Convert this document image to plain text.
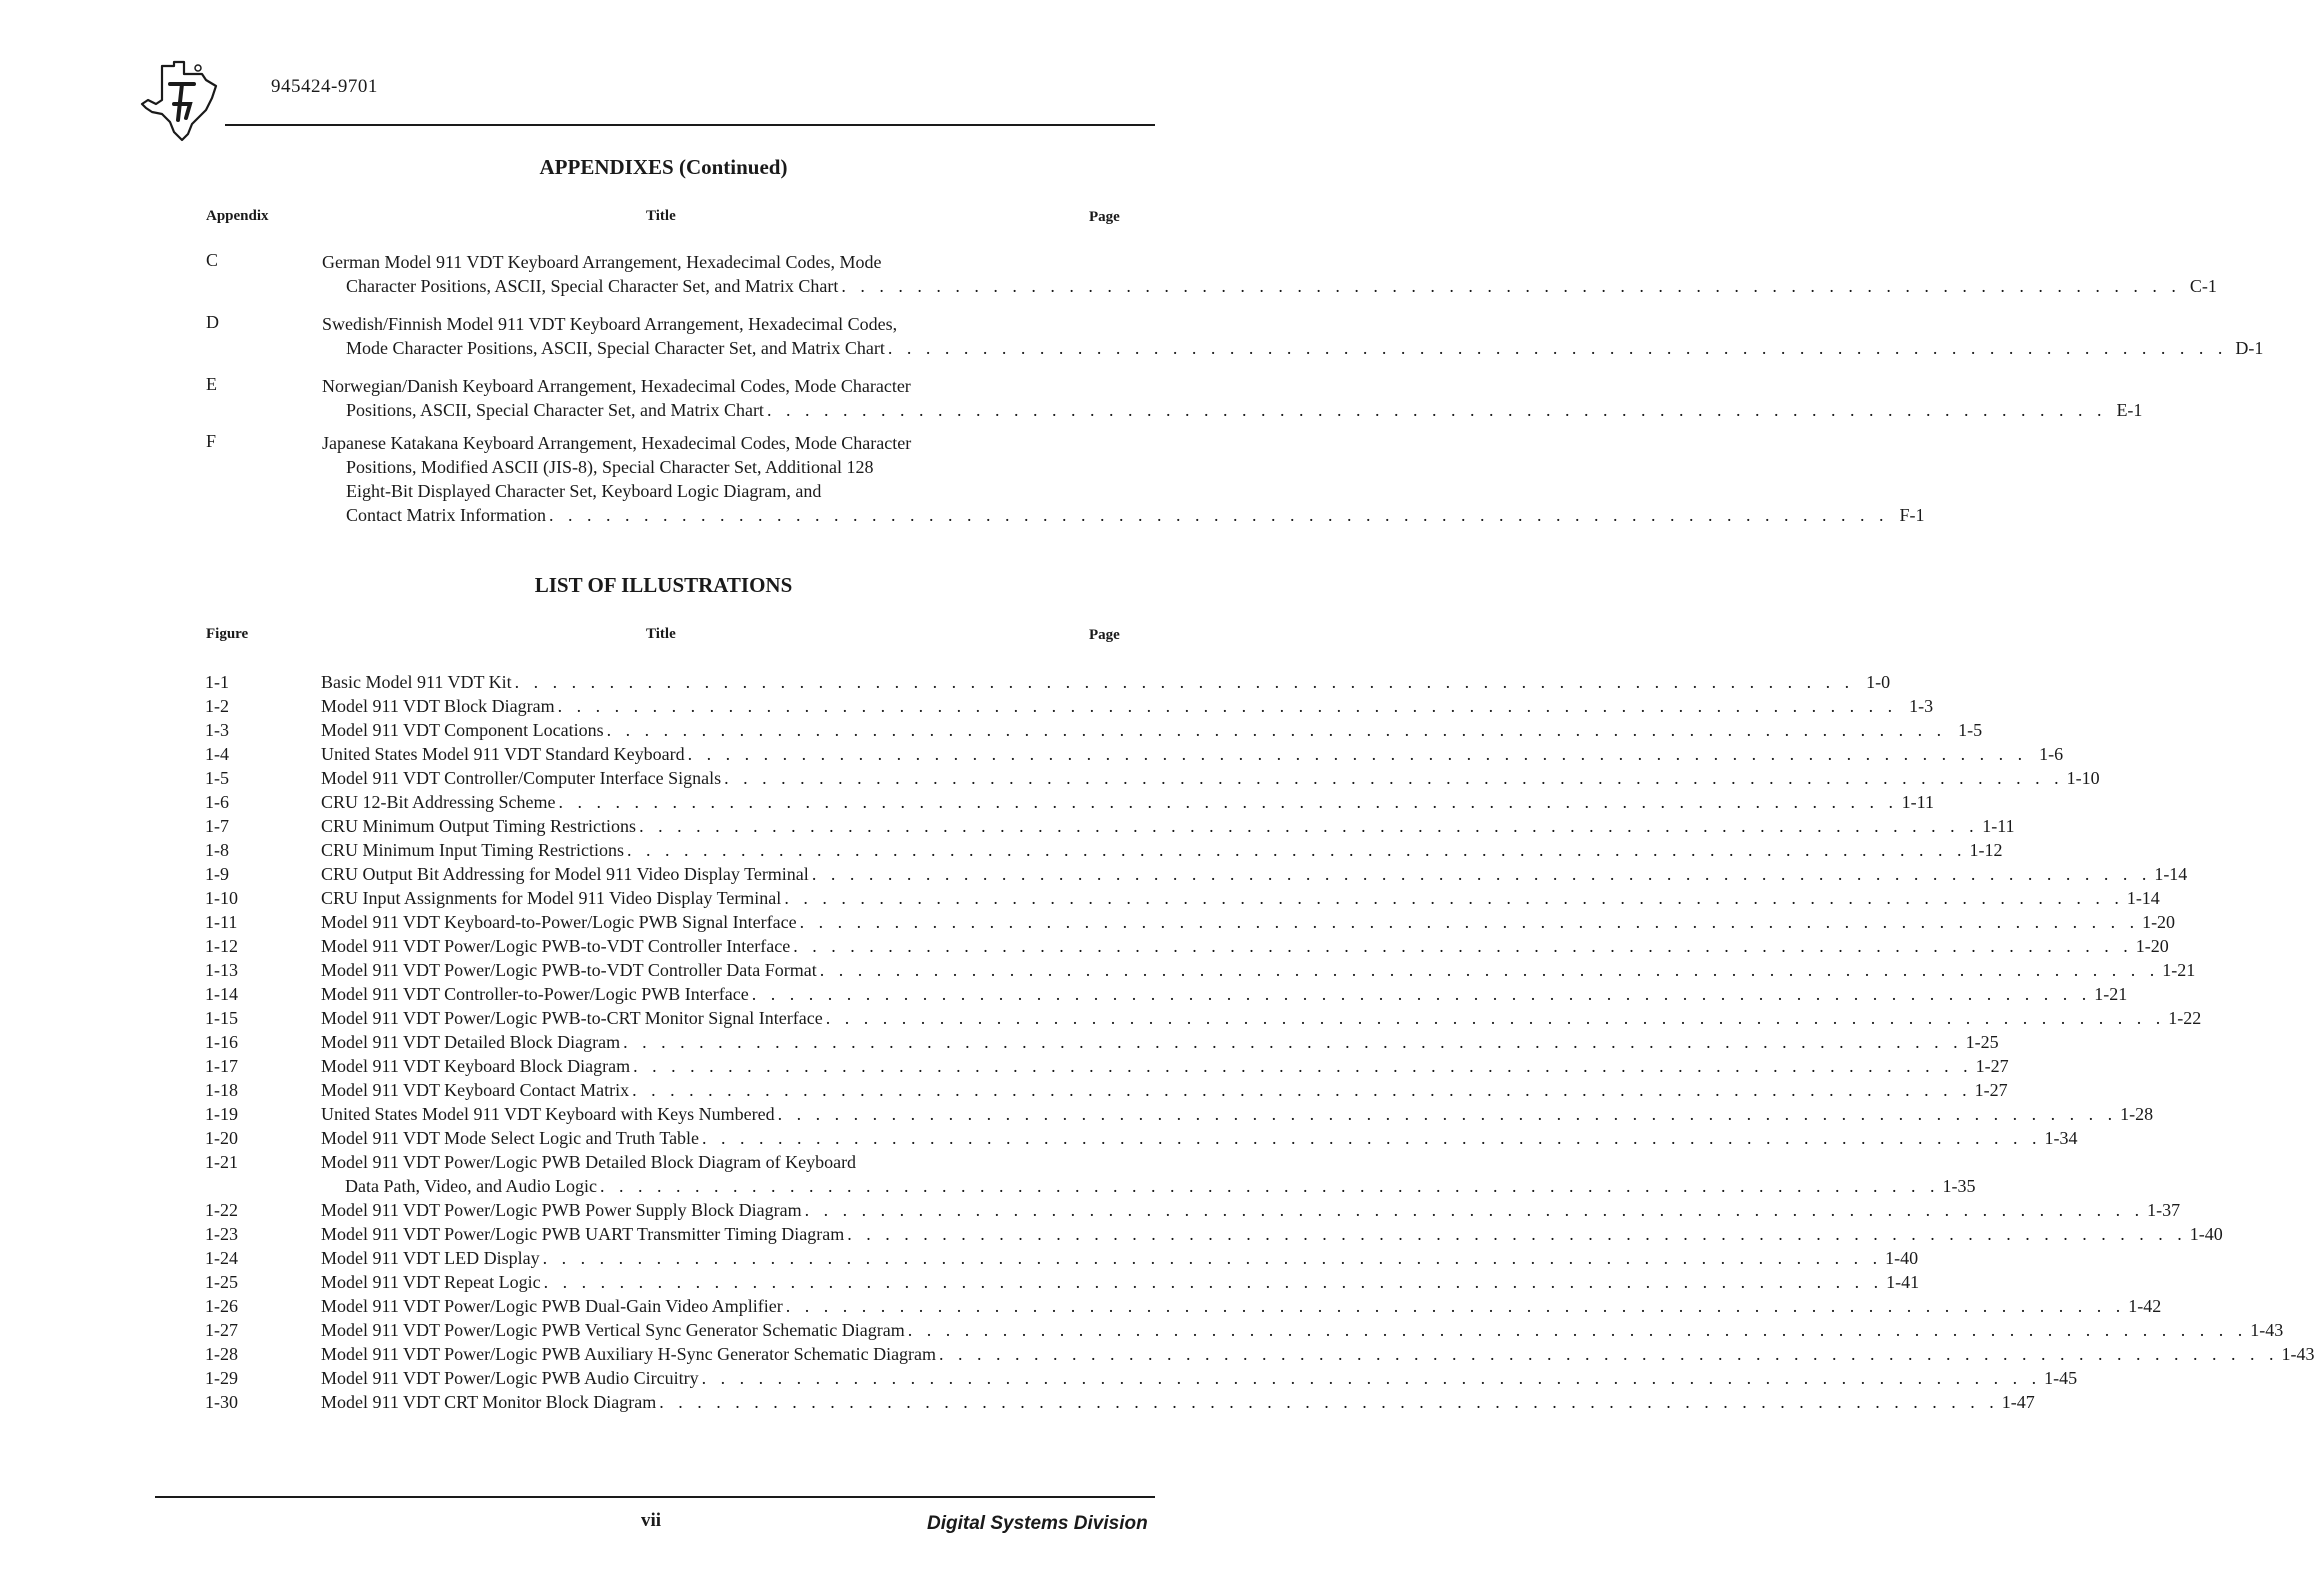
945424-9701
APPENDIXES (Continued)
Appendix	Title	Page
C	German Model 911 VDT Keyboard Arrangement, Hexadecimal Codes, Mode
Character Positions, ASCII, Special Character Set, and Matrix Chart . . . . . . . . . . . . . . . . . . . . . . . . . . . . . . . . . . . . . . . . . . . . . . . . . . . . . . . . . . . . . . . . . . . . . . . C-1
D	Swedish/Finnish Model 911 VDT Keyboard Arrangement, Hexadecimal Codes,
Mode Character Positions, ASCII, Special Character Set, and Matrix Chart . . . . . . . . . . . . . . . . . . . . . . . . . . . . . . . . . . . . . . . . . . . . . . . . . . . . . . . . . . . . . . . . . . . . . . . D-1
E	Norwegian/Danish Keyboard Arrangement, Hexadecimal Codes, Mode Character
Positions, ASCII, Special Character Set, and Matrix Chart . . . . . . . . . . . . . . . . . . . . . . . . . . . . . . . . . . . . . . . . . . . . . . . . . . . . . . . . . . . . . . . . . . . . . . . E-1
F	Japanese Katakana Keyboard Arrangement, Hexadecimal Codes, Mode Character
Positions, Modified ASCII (JIS-8), Special Character Set, Additional 128
Eight-Bit Displayed Character Set, Keyboard Logic Diagram, and
Contact Matrix Information . . . . . . . . . . . . . . . . . . . . . . . . . . . . . . . . . . . . . . . . . . . . . . . . . . . . . . . . . . . . . . . . . . . . . . . F-1
LIST OF ILLUSTRATIONS
Figure	Title	Page
1-1	Basic Model 911 VDT Kit . . . . . . . . . . . . . . . . . . . . . . . . . . . . . . . . . . . . . . . . . . . . . . . . . . . . . . . . . . . . . . . . . . . . . . . 1-0
1-2	Model 911 VDT Block Diagram . . . . . . . . . . . . . . . . . . . . . . . . . . . . . . . . . . . . . . . . . . . . . . . . . . . . . . . . . . . . . . . . . . . . . . . 1-3
1-3	Model 911 VDT Component Locations . . . . . . . . . . . . . . . . . . . . . . . . . . . . . . . . . . . . . . . . . . . . . . . . . . . . . . . . . . . . . . . . . . . . . . . 1-5
1-4	United States Model 911 VDT Standard Keyboard . . . . . . . . . . . . . . . . . . . . . . . . . . . . . . . . . . . . . . . . . . . . . . . . . . . . . . . . . . . . . . . . . . . . . . . 1-6
1-5	Model 911 VDT Controller/Computer Interface Signals . . . . . . . . . . . . . . . . . . . . . . . . . . . . . . . . . . . . . . . . . . . . . . . . . . . . . . . . . . . . . . . . . . . . . . . 1-10
1-6	CRU 12-Bit Addressing Scheme . . . . . . . . . . . . . . . . . . . . . . . . . . . . . . . . . . . . . . . . . . . . . . . . . . . . . . . . . . . . . . . . . . . . . . . 1-11
1-7	CRU Minimum Output Timing Restrictions . . . . . . . . . . . . . . . . . . . . . . . . . . . . . . . . . . . . . . . . . . . . . . . . . . . . . . . . . . . . . . . . . . . . . . . 1-11
1-8	CRU Minimum Input Timing Restrictions . . . . . . . . . . . . . . . . . . . . . . . . . . . . . . . . . . . . . . . . . . . . . . . . . . . . . . . . . . . . . . . . . . . . . . . 1-12
1-9	CRU Output Bit Addressing for Model 911 Video Display Terminal . . . . . . . . . . . . . . . . . . . . . . . . . . . . . . . . . . . . . . . . . . . . . . . . . . . . . . . . . . . . . . . . . . . . . . . 1-14
1-10	CRU Input Assignments for Model 911 Video Display Terminal . . . . . . . . . . . . . . . . . . . . . . . . . . . . . . . . . . . . . . . . . . . . . . . . . . . . . . . . . . . . . . . . . . . . . . . 1-14
1-11	Model 911 VDT Keyboard-to-Power/Logic PWB Signal Interface . . . . . . . . . . . . . . . . . . . . . . . . . . . . . . . . . . . . . . . . . . . . . . . . . . . . . . . . . . . . . . . . . . . . . . . 1-20
1-12	Model 911 VDT Power/Logic PWB-to-VDT Controller Interface . . . . . . . . . . . . . . . . . . . . . . . . . . . . . . . . . . . . . . . . . . . . . . . . . . . . . . . . . . . . . . . . . . . . . . . 1-20
1-13	Model 911 VDT Power/Logic PWB-to-VDT Controller Data Format . . . . . . . . . . . . . . . . . . . . . . . . . . . . . . . . . . . . . . . . . . . . . . . . . . . . . . . . . . . . . . . . . . . . . . . 1-21
1-14	Model 911 VDT Controller-to-Power/Logic PWB Interface . . . . . . . . . . . . . . . . . . . . . . . . . . . . . . . . . . . . . . . . . . . . . . . . . . . . . . . . . . . . . . . . . . . . . . . 1-21
1-15	Model 911 VDT Power/Logic PWB-to-CRT Monitor Signal Interface . . . . . . . . . . . . . . . . . . . . . . . . . . . . . . . . . . . . . . . . . . . . . . . . . . . . . . . . . . . . . . . . . . . . . . . 1-22
1-16	Model 911 VDT Detailed Block Diagram . . . . . . . . . . . . . . . . . . . . . . . . . . . . . . . . . . . . . . . . . . . . . . . . . . . . . . . . . . . . . . . . . . . . . . . 1-25
1-17	Model 911 VDT Keyboard Block Diagram . . . . . . . . . . . . . . . . . . . . . . . . . . . . . . . . . . . . . . . . . . . . . . . . . . . . . . . . . . . . . . . . . . . . . . . 1-27
1-18	Model 911 VDT Keyboard Contact Matrix . . . . . . . . . . . . . . . . . . . . . . . . . . . . . . . . . . . . . . . . . . . . . . . . . . . . . . . . . . . . . . . . . . . . . . . 1-27
1-19	United States Model 911 VDT Keyboard with Keys Numbered . . . . . . . . . . . . . . . . . . . . . . . . . . . . . . . . . . . . . . . . . . . . . . . . . . . . . . . . . . . . . . . . . . . . . . . 1-28
1-20	Model 911 VDT Mode Select Logic and Truth Table . . . . . . . . . . . . . . . . . . . . . . . . . . . . . . . . . . . . . . . . . . . . . . . . . . . . . . . . . . . . . . . . . . . . . . . 1-34
1-21	Model 911 VDT Power/Logic PWB Detailed Block Diagram of Keyboard
Data Path, Video, and Audio Logic . . . . . . . . . . . . . . . . . . . . . . . . . . . . . . . . . . . . . . . . . . . . . . . . . . . . . . . . . . . . . . . . . . . . . . . 1-35
1-22	Model 911 VDT Power/Logic PWB Power Supply Block Diagram . . . . . . . . . . . . . . . . . . . . . . . . . . . . . . . . . . . . . . . . . . . . . . . . . . . . . . . . . . . . . . . . . . . . . . . 1-37
1-23	Model 911 VDT Power/Logic PWB UART Transmitter Timing Diagram . . . . . . . . . . . . . . . . . . . . . . . . . . . . . . . . . . . . . . . . . . . . . . . . . . . . . . . . . . . . . . . . . . . . . . . 1-40
1-24	Model 911 VDT LED Display . . . . . . . . . . . . . . . . . . . . . . . . . . . . . . . . . . . . . . . . . . . . . . . . . . . . . . . . . . . . . . . . . . . . . . . 1-40
1-25	Model 911 VDT Repeat Logic . . . . . . . . . . . . . . . . . . . . . . . . . . . . . . . . . . . . . . . . . . . . . . . . . . . . . . . . . . . . . . . . . . . . . . . 1-41
1-26	Model 911 VDT Power/Logic PWB Dual-Gain Video Amplifier . . . . . . . . . . . . . . . . . . . . . . . . . . . . . . . . . . . . . . . . . . . . . . . . . . . . . . . . . . . . . . . . . . . . . . . 1-42
1-27	Model 911 VDT Power/Logic PWB Vertical Sync Generator Schematic Diagram . . . . . . . . . . . . . . . . . . . . . . . . . . . . . . . . . . . . . . . . . . . . . . . . . . . . . . . . . . . . . . . . . . . . . . . 1-43
1-28	Model 911 VDT Power/Logic PWB Auxiliary H-Sync Generator Schematic Diagram . . . . . . . . . . . . . . . . . . . . . . . . . . . . . . . . . . . . . . . . . . . . . . . . . . . . . . . . . . . . . . . . . . . . . . . 1-43
1-29	Model 911 VDT Power/Logic PWB Audio Circuitry . . . . . . . . . . . . . . . . . . . . . . . . . . . . . . . . . . . . . . . . . . . . . . . . . . . . . . . . . . . . . . . . . . . . . . . 1-45
1-30	Model 911 VDT CRT Monitor Block Diagram . . . . . . . . . . . . . . . . . . . . . . . . . . . . . . . . . . . . . . . . . . . . . . . . . . . . . . . . . . . . . . . . . . . . . . . 1-47
vii	Digital Systems Division
